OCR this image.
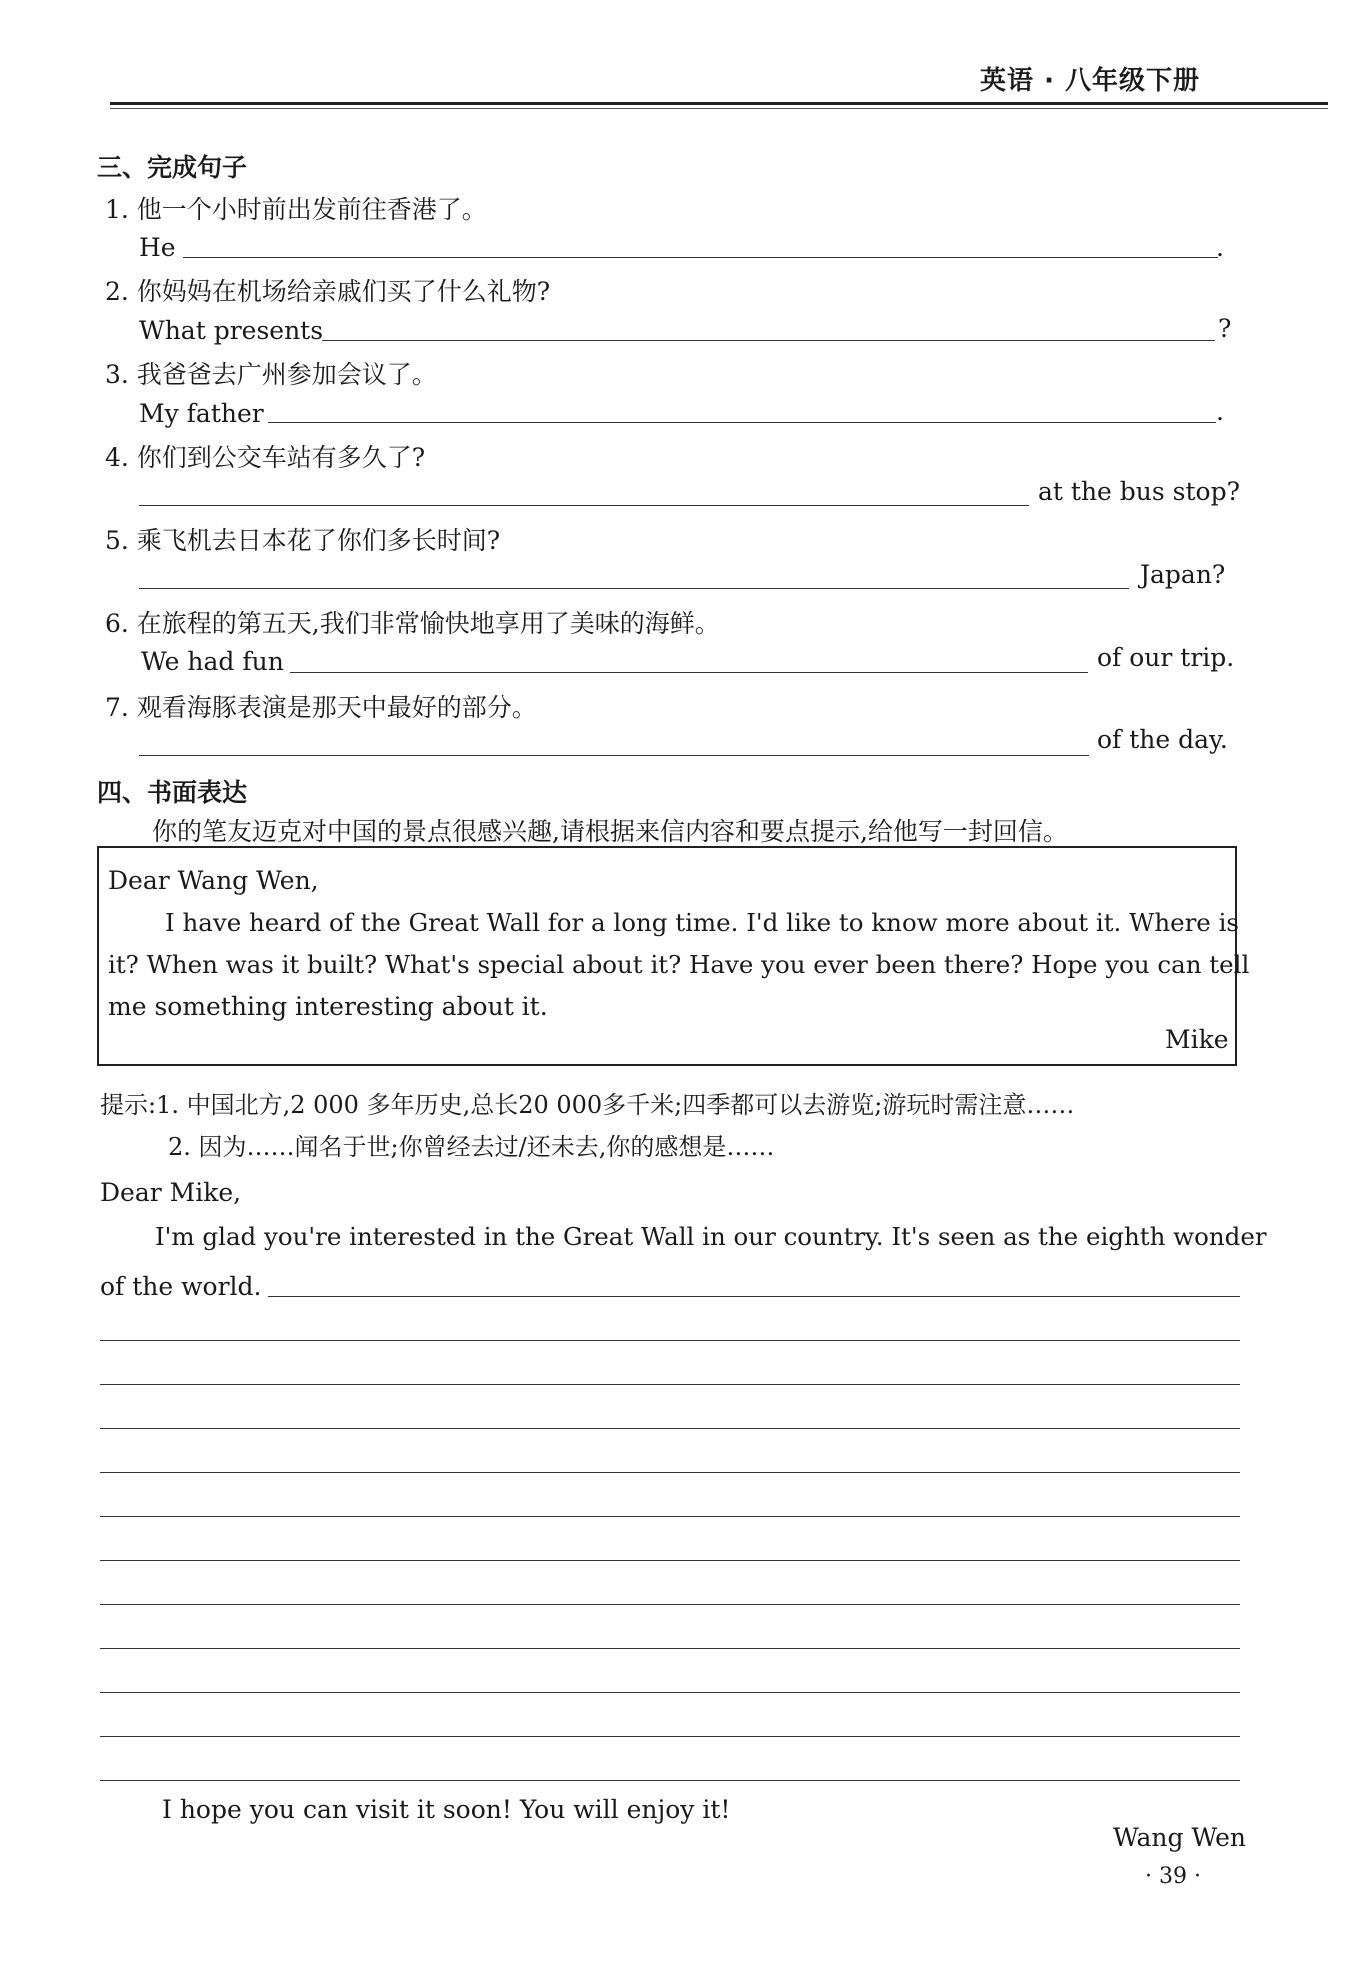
英语 · 八年级下册
三、完成句子
1. 他一个小时前出发前往香港了。
He	.
2. 你妈妈在机场给亲戚们买了什么礼物?
What presents	?
3. 我爸爸去广州参加会议了。
My father	.
4. 你们到公交车站有多久了?
at the bus stop?
5. 乘飞机去日本花了你们多长时间?
Japan?
6. 在旅程的第五天,我们非常愉快地享用了美味的海鲜。
We had fun	of our trip.
7. 观看海豚表演是那天中最好的部分。
of the day.
四、书面表达
你的笔友迈克对中国的景点很感兴趣,请根据来信内容和要点提示,给他写一封回信。
Dear Wang Wen,
I have heard of the Great Wall for a long time. I'd like to know more about it. Where is
it? When was it built? What's special about it? Have you ever been there? Hope you can tell
me something interesting about it.
Mike
提示:1. 中国北方,2 000 多年历史,总长20 000多千米;四季都可以去游览;游玩时需注意……
2. 因为……闻名于世;你曾经去过/还未去,你的感想是……
Dear Mike,
I'm glad you're interested in the Great Wall in our country. It's seen as the eighth wonder
of the world.
I hope you can visit it soon! You will enjoy it!
Wang Wen
· 39 ·
